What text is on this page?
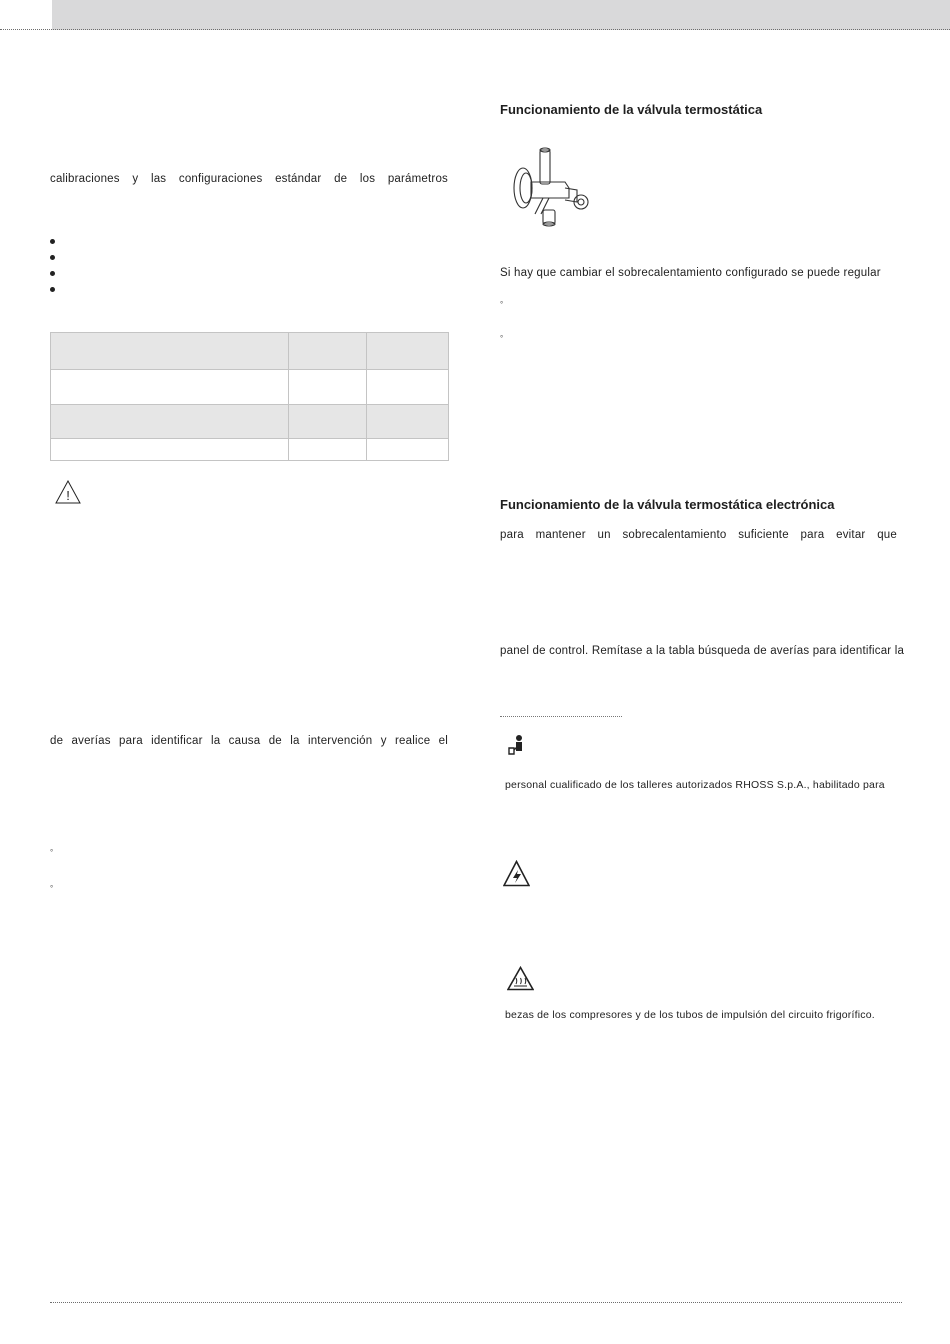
calibraciones y las configuraciones estándar de los parámetros

!
de averías para identificar la causa de la intervención y realice el
°
°
Funcionamiento de la válvula termostática
Si hay que cambiar el sobrecalentamiento configurado se puede regular
°
°
Funcionamiento de la válvula termostática electrónica
para mantener un sobrecalentamiento suficiente para evitar que
panel de control. Remítase a la tabla búsqueda de averías para identificar la
personal cualificado de los talleres autorizados RHOSS S.p.A., habilitado para
bezas de los compresores y de los tubos de impulsión del circuito frigorífico.
